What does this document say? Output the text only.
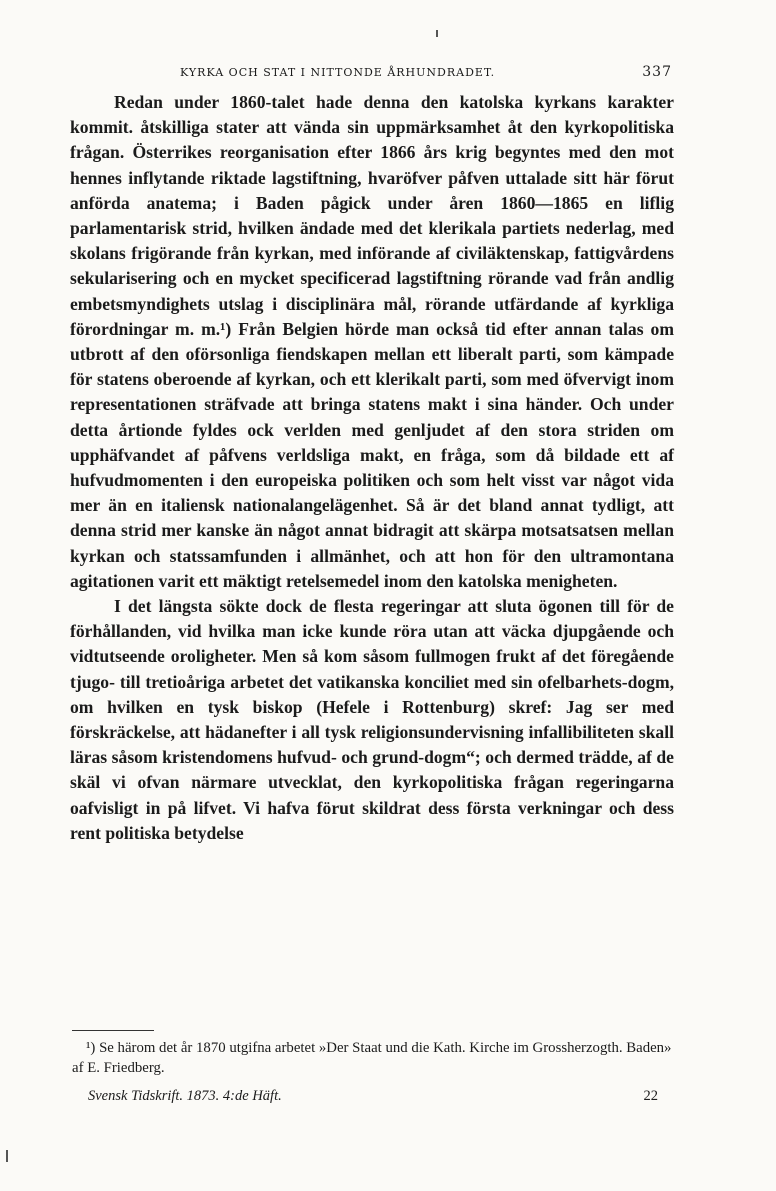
KYRKA OCH STAT I NITTONDE ÅRHUNDRADET.	337

Redan under 1860-talet hade denna den katolska kyrkans karakter kommit. åtskilliga stater att vända sin uppmärksamhet åt den kyrkopolitiska frågan. Österrikes reorganisation efter 1866 års krig begyntes med den mot hennes inflytande riktade lagstiftning, hvaröfver påfven uttalade sitt här förut anförda anatema; i Baden pågick under åren 1860—1865 en liflig parlamentarisk strid, hvilken ändade med det klerikala partiets nederlag, med skolans frigörande från kyrkan, med införande af civiläktenskap, fattigvårdens sekularisering och en mycket specificerad lagstiftning rörande vad från andlig embetsmyndighets utslag i disciplinära mål, rörande utfärdande af kyrkliga förordningar m. m.¹) Från Belgien hörde man också tid efter annan talas om utbrott af den oförsonliga fiendskapen mellan ett liberalt parti, som kämpade för statens oberoende af kyrkan, och ett klerikalt parti, som med öfvervigt inom representationen sträfvade att bringa statens makt i sina händer. Och under detta årtionde fyldes ock verlden med genljudet af den stora striden om upphäfvandet af påfvens verldsliga makt, en fråga, som då bildade ett af hufvudmomenten i den europeiska politiken och som helt visst var något vida mer än en italiensk nationalangelägenhet. Så är det bland annat tydligt, att denna strid mer kanske än något annat bidragit att skärpa motsatsatsen mellan kyrkan och statssamfunden i allmänhet, och att hon för den ultramontana agitationen varit ett mäktigt retelsemedel inom den katolska menigheten.

I det längsta sökte dock de flesta regeringar att sluta ögonen till för de förhållanden, vid hvilka man icke kunde röra utan att väcka djupgående och vidtutseende oroligheter. Men så kom såsom fullmogen frukt af det föregående tjugo- till tretioåriga arbetet det vatikanska konciliet med sin ofelbarhets-dogm, om hvilken en tysk biskop (Hefele i Rottenburg) skref: Jag ser med förskräckelse, att hädanefter i all tysk religionsundervisning infallibiliteten skall läras såsom kristendomens hufvud- och grund-dogm“; och dermed trädde, af de skäl vi ofvan närmare utvecklat, den kyrkopolitiska frågan regeringarna oafvisligt in på lifvet. Vi hafva förut skildrat dess första verkningar och dess rent politiska betydelse

¹) Se härom det år 1870 utgifna arbetet »Der Staat und die Kath. Kirche im Grossherzogth. Baden» af E. Friedberg.

Svensk Tidskrift. 1873. 4:de Häft.	22
